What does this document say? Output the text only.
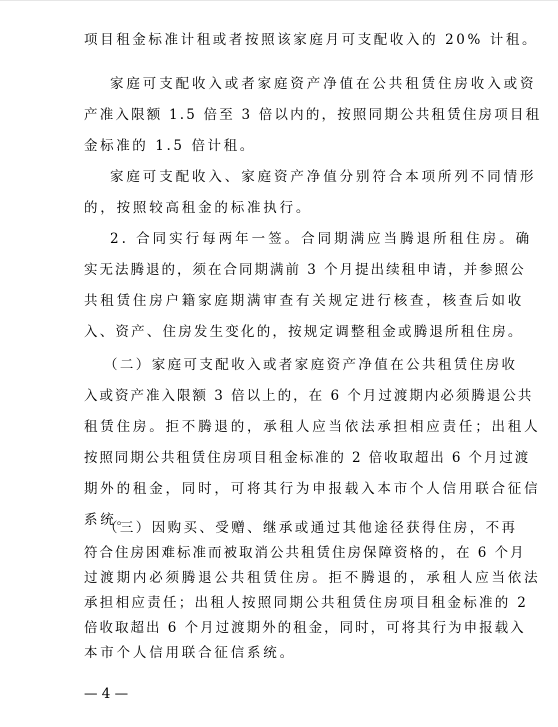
项目租金标准计租或者按照该家庭月可支配收入的 20% 计租。

家庭可支配收入或者家庭资产净值在公共租赁住房收入或资

产准入限额 1.5 倍至 3 倍以内的，按照同期公共租赁住房项目租

金标准的 1.5 倍计租。

家庭可支配收入、家庭资产净值分别符合本项所列不同情形

的，按照较高租金的标准执行。

2. 合同实行每两年一签。合同期满应当腾退所租住房。确

实无法腾退的，须在合同期满前 3 个月提出续租申请，并参照公

共租赁住房户籍家庭期满审查有关规定进行核查，核查后如收

入、资产、住房发生变化的，按规定调整租金或腾退所租住房。

（二）家庭可支配收入或者家庭资产净值在公共租赁住房收

入或资产准入限额 3 倍以上的，在 6 个月过渡期内必须腾退公共

租赁住房。拒不腾退的，承租人应当依法承担相应责任；出租人

按照同期公共租赁住房项目租金标准的 2 倍收取超出 6 个月过渡

期外的租金，同时，可将其行为申报载入本市个人信用联合征信

系统。

（三）因购买、受赠、继承或通过其他途径获得住房，不再

符合住房困难标准而被取消公共租赁住房保障资格的，在 6 个月

过渡期内必须腾退公共租赁住房。拒不腾退的，承租人应当依法

承担相应责任；出租人按照同期公共租赁住房项目租金标准的 2

倍收取超出 6 个月过渡期外的租金，同时，可将其行为申报载入

— 4 —

本市个人信用联合征信系统。
